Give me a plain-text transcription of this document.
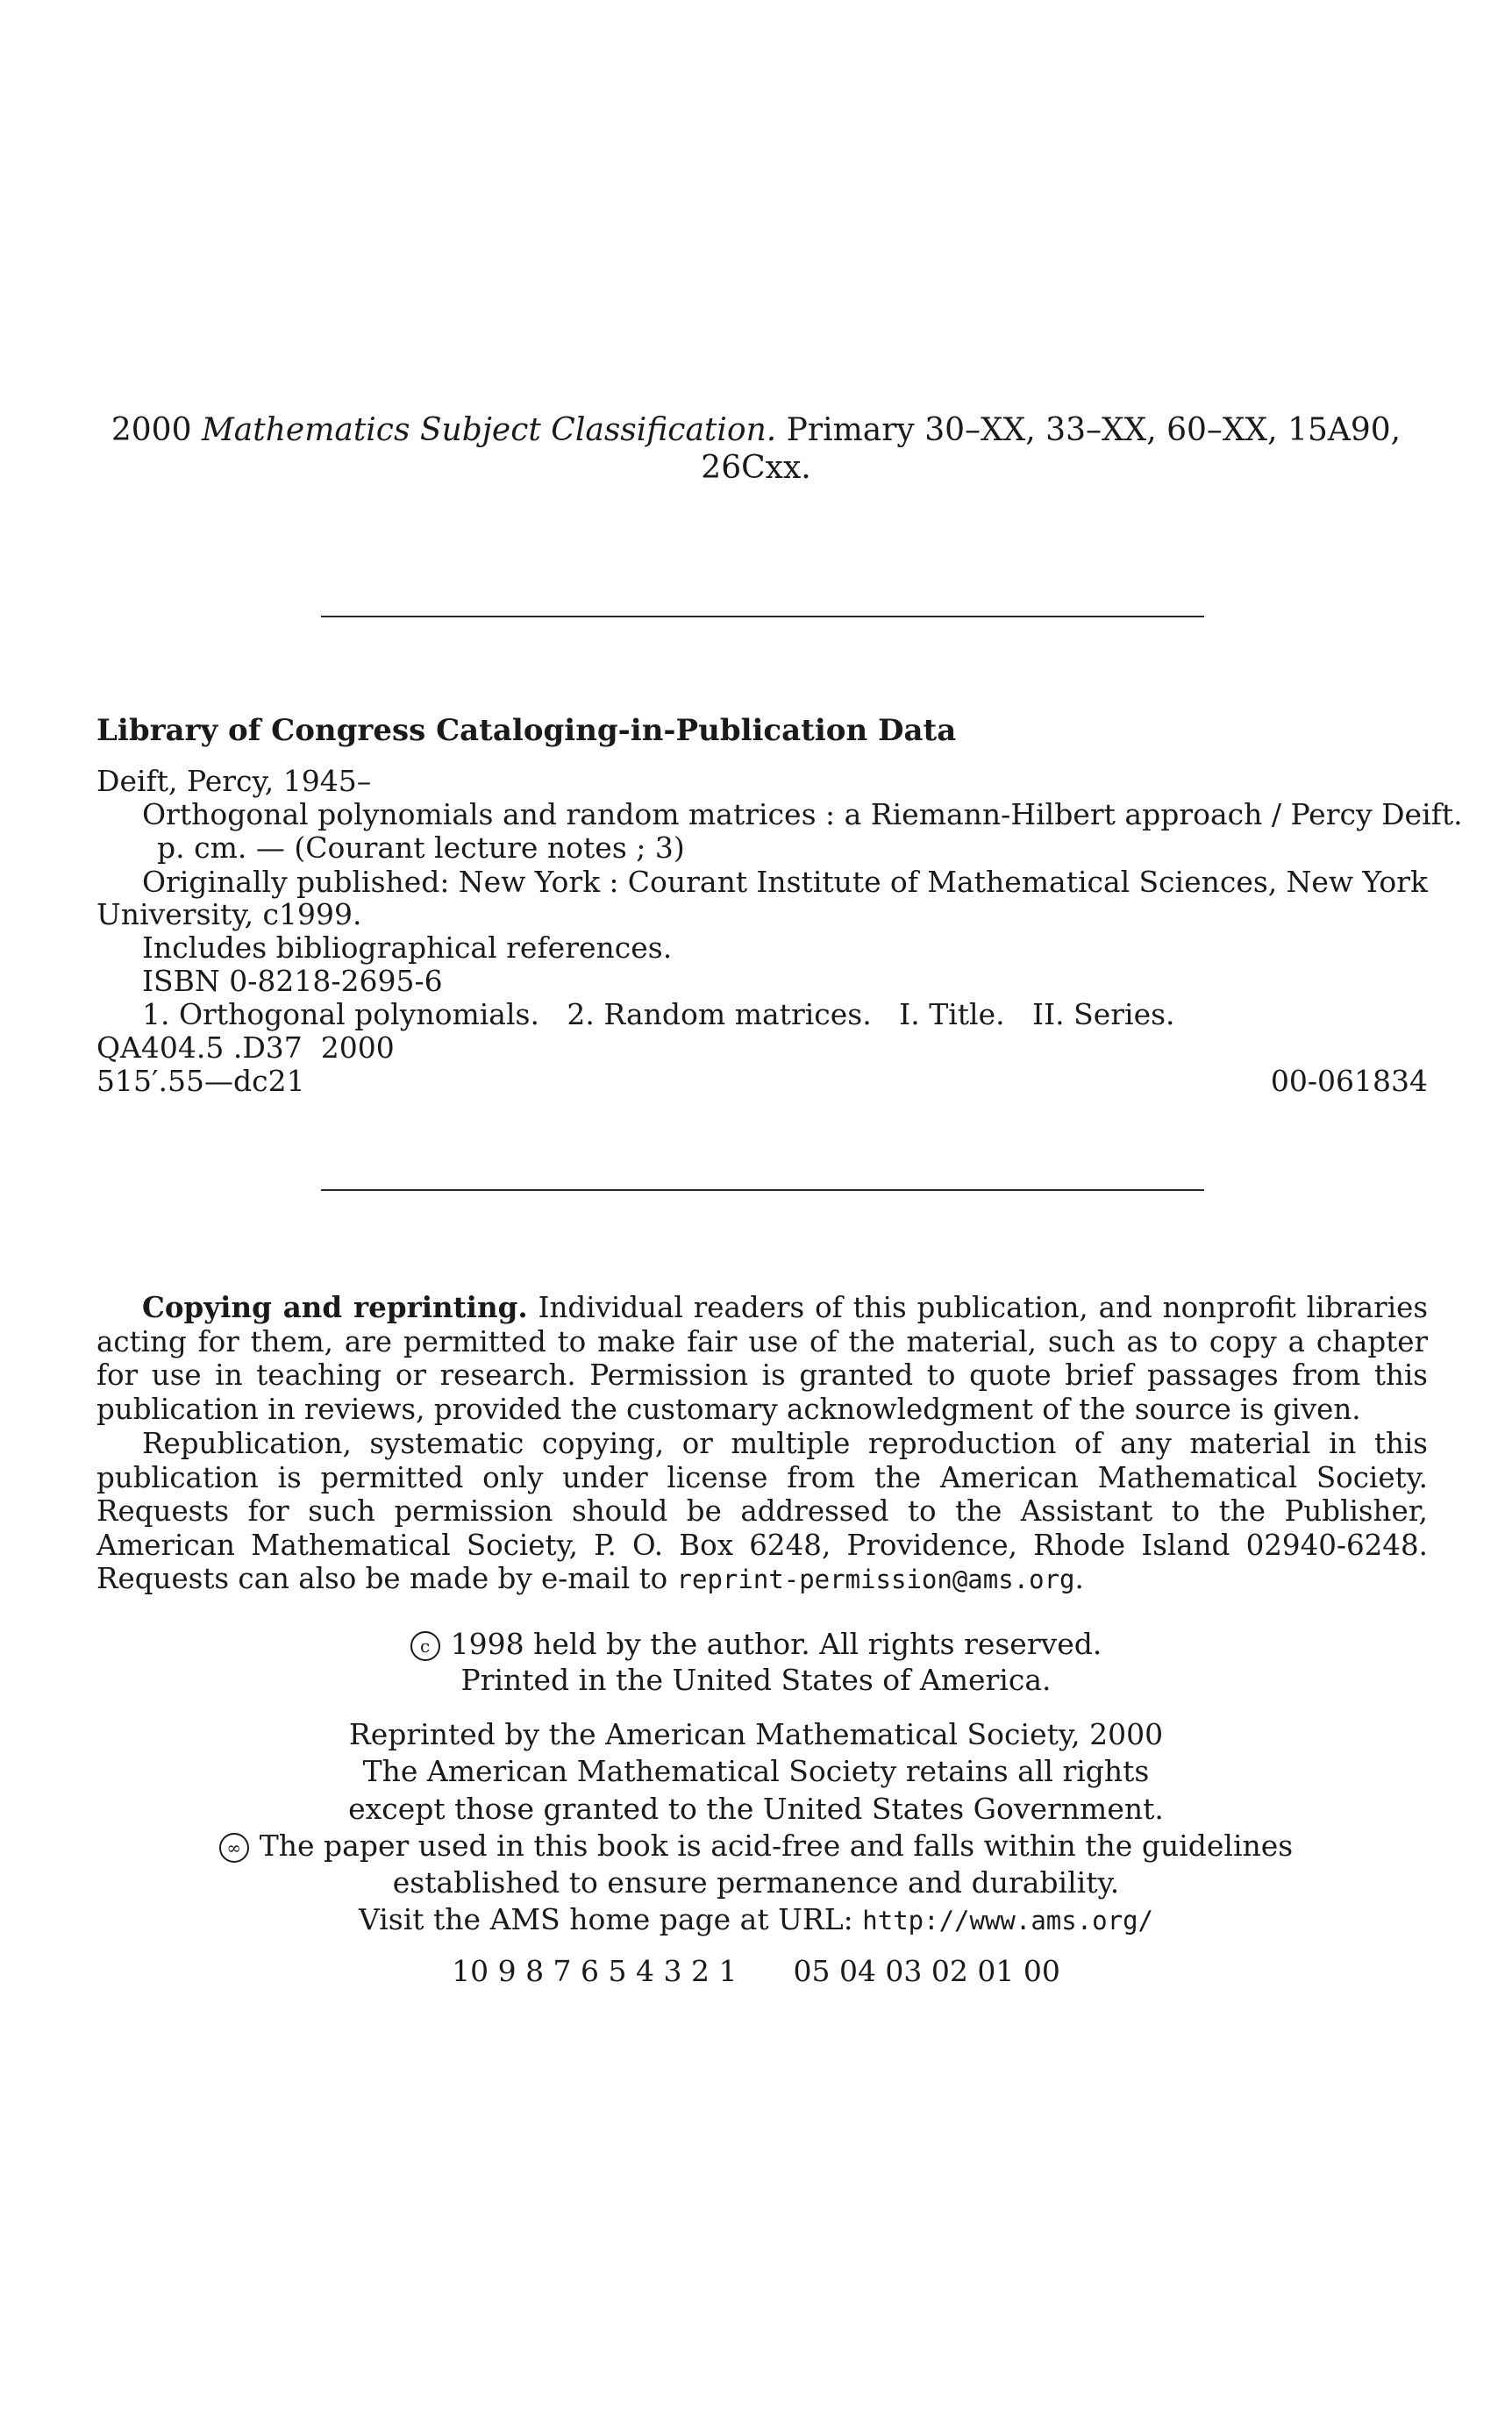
2000 Mathematics Subject Classification. Primary 30–XX, 33–XX, 60–XX, 15A90,
26Cxx.
Library of Congress Cataloging-in-Publication Data
Deift, Percy, 1945–
Orthogonal polynomials and random matrices : a Riemann-Hilbert approach / Percy Deift.
p. cm. — (Courant lecture notes ; 3)
Originally published: New York : Courant Institute of Mathematical Sciences, New York
University, c1999.
Includes bibliographical references.
ISBN 0-8218-2695-6
1. Orthogonal polynomials.   2. Random matrices.   I. Title.   II. Series.
QA404.5 .D37  2000
515′.55—dc21	00-061834
Copying and reprinting. Individual readers of this publication, and nonprofit libraries acting for them, are permitted to make fair use of the material, such as to copy a chapter for use in teaching or research. Permission is granted to quote brief passages from this publication in reviews, provided the customary acknowledgment of the source is given.
Republication, systematic copying, or multiple reproduction of any material in this publication is permitted only under license from the American Mathematical Society. Requests for such permission should be addressed to the Assistant to the Publisher, American Mathematical Society, P. O. Box 6248, Providence, Rhode Island 02940-6248. Requests can also be made by e-mail to reprint-permission@ams.org.
c 1998 held by the author. All rights reserved.
Printed in the United States of America.
Reprinted by the American Mathematical Society, 2000
The American Mathematical Society retains all rights
except those granted to the United States Government.
∞ The paper used in this book is acid-free and falls within the guidelines
established to ensure permanence and durability.
Visit the AMS home page at URL: http://www.ams.org/
10 9 8 7 6 5 4 3 2 1 05 04 03 02 01 00
